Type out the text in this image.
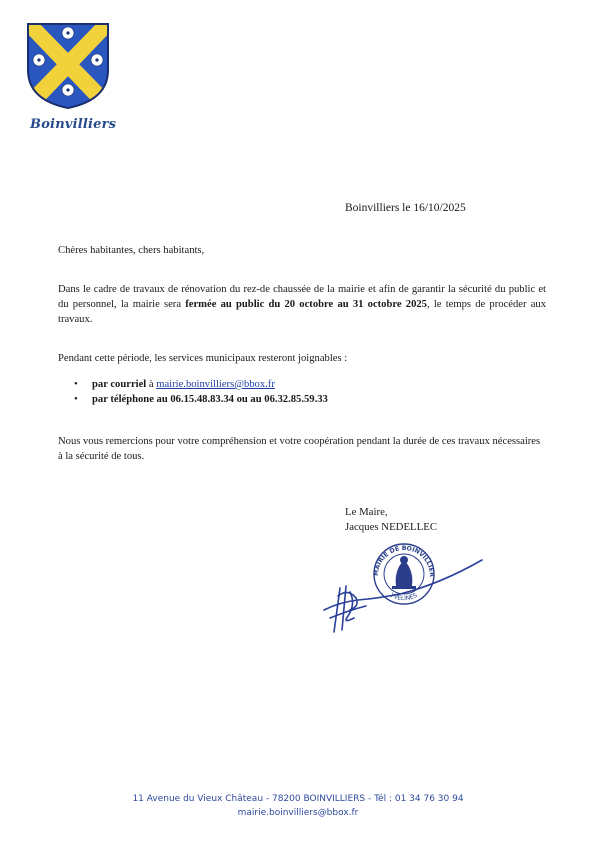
Boinvilliers
Boinvilliers le 16/10/2025
Chères habitantes, chers habitants,
Dans le cadre de travaux de rénovation du rez-de chaussée de la mairie et afin de garantir la sécurité du public et du personnel, la mairie sera fermée au public du 20 octobre au 31 octobre 2025, le temps de procéder aux travaux.
Pendant cette période, les services municipaux resteront joignables :
• par courriel à mairie.boinvilliers@bbox.fr
• par téléphone au 06.15.48.83.34 ou au 06.32.85.59.33
Nous vous remercions pour votre compréhension et votre coopération pendant la durée de ces travaux nécessaires à la sécurité de tous.
Le Maire,
Jacques NEDELLEC
MAIRIE DE BOINVILLIER
YVELINES
11 Avenue du Vieux Château - 78200 BOINVILLIERS - Tél : 01 34 76 30 94
mairie.boinvilliers@bbox.fr
